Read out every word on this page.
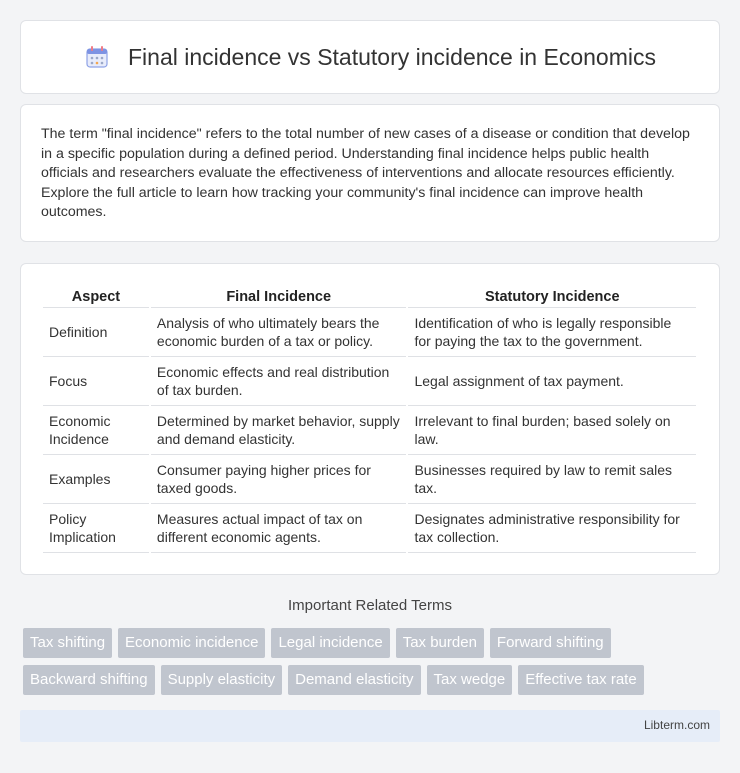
Final incidence vs Statutory incidence in Economics

The term "final incidence" refers to the total number of new cases of a disease or condition that develop in a specific population during a defined period. Understanding final incidence helps public health officials and researchers evaluate the effectiveness of interventions and allocate resources efficiently. Explore the full article to learn how tracking your community's final incidence can improve health outcomes.

Aspect	Final Incidence	Statutory Incidence
Definition	Analysis of who ultimately bears the economic burden of a tax or policy.	Identification of who is legally responsible for paying the tax to the government.
Focus	Economic effects and real distribution of tax burden.	Legal assignment of tax payment.
Economic Incidence	Determined by market behavior, supply and demand elasticity.	Irrelevant to final burden; based solely on law.
Examples	Consumer paying higher prices for taxed goods.	Businesses required by law to remit sales tax.
Policy Implication	Measures actual impact of tax on different economic agents.	Designates administrative responsibility for tax collection.
Important Related Terms
Tax shifting	Economic incidence	Legal incidence	Tax burden	Forward shifting
Backward shifting	Supply elasticity	Demand elasticity	Tax wedge	Effective tax rate
Libterm.com
